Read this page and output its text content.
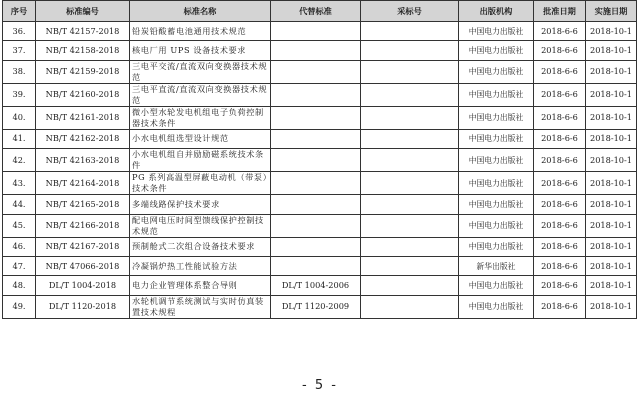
序号	标准编号	标准名称	代替标准	采标号	出版机构	批准日期	实施日期
36.	NB/T 42157-2018	铅炭铅酸蓄电池通用技术规范			中国电力出版社	2018-6-6	2018-10-1
37.	NB/T 42158-2018	核电厂用 UPS 设备技术要求			中国电力出版社	2018-6-6	2018-10-1
38.	NB/T 42159-2018	三电平交流/直流双向变换器技术规范			中国电力出版社	2018-6-6	2018-10-1
39.	NB/T 42160-2018	三电平直流/直流双向变换器技术规范			中国电力出版社	2018-6-6	2018-10-1
40.	NB/T 42161-2018	微小型水轮发电机组电子负荷控制器技术条件			中国电力出版社	2018-6-6	2018-10-1
41.	NB/T 42162-2018	小水电机组选型设计规范			中国电力出版社	2018-6-6	2018-10-1
42.	NB/T 42163-2018	小水电机组自并励励磁系统技术条件			中国电力出版社	2018-6-6	2018-10-1
43.	NB/T 42164-2018	PG 系列高温型屏蔽电动机（带泵）技术条件			中国电力出版社	2018-6-6	2018-10-1
44.	NB/T 42165-2018	多端线路保护技术要求			中国电力出版社	2018-6-6	2018-10-1
45.	NB/T 42166-2018	配电网电压时间型馈线保护控制技术规范			中国电力出版社	2018-6-6	2018-10-1
46.	NB/T 42167-2018	预制舱式二次组合设备技术要求			中国电力出版社	2018-6-6	2018-10-1
47.	NB/T 47066-2018	冷凝锅炉热工性能试验方法			新华出版社	2018-6-6	2018-10-1
48.	DL/T 1004-2018	电力企业管理体系整合导则	DL/T 1004-2006		中国电力出版社	2018-6-6	2018-10-1
49.	DL/T 1120-2018	水轮机调节系统测试与实时仿真装置技术规程	DL/T 1120-2009		中国电力出版社	2018-6-6	2018-10-1
- 5 -
